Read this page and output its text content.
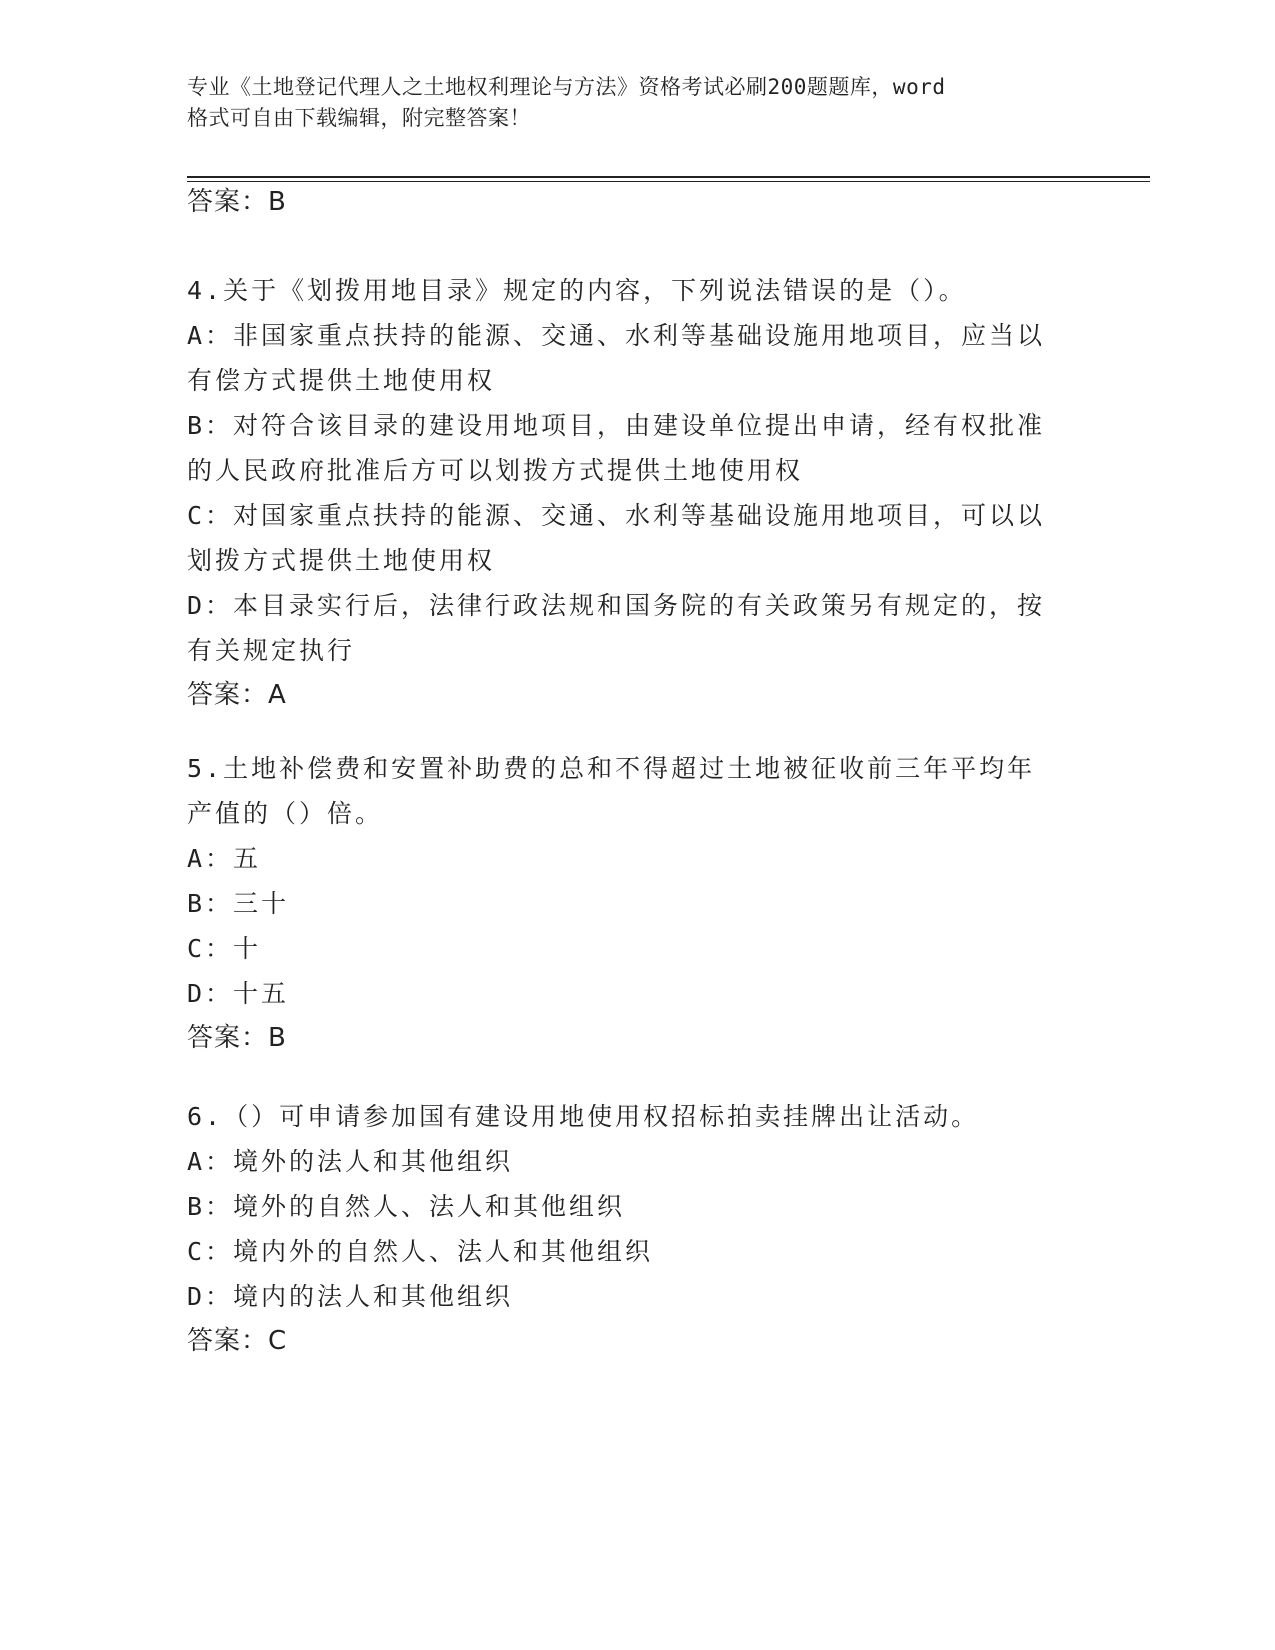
专业《土地登记代理人之土地权利理论与方法》资格考试必刷200题题库，word
格式可自由下载编辑，附完整答案！
答案：B
4.关于《划拨用地目录》规定的内容，下列说法错误的是（）。
A：非国家重点扶持的能源、交通、水利等基础设施用地项目，应当以
有偿方式提供土地使用权
B：对符合该目录的建设用地项目，由建设单位提出申请，经有权批准
的人民政府批准后方可以划拨方式提供土地使用权
C：对国家重点扶持的能源、交通、水利等基础设施用地项目，可以以
划拨方式提供土地使用权
D：本目录实行后，法律行政法规和国务院的有关政策另有规定的，按
有关规定执行
答案：A
5.土地补偿费和安置补助费的总和不得超过土地被征收前三年平均年
产值的（）倍。
A：五
B：三十
C：十
D：十五
答案：B
6.（）可申请参加国有建设用地使用权招标拍卖挂牌出让活动。
A：境外的法人和其他组织
B：境外的自然人、法人和其他组织
C：境内外的自然人、法人和其他组织
D：境内的法人和其他组织
答案：C
